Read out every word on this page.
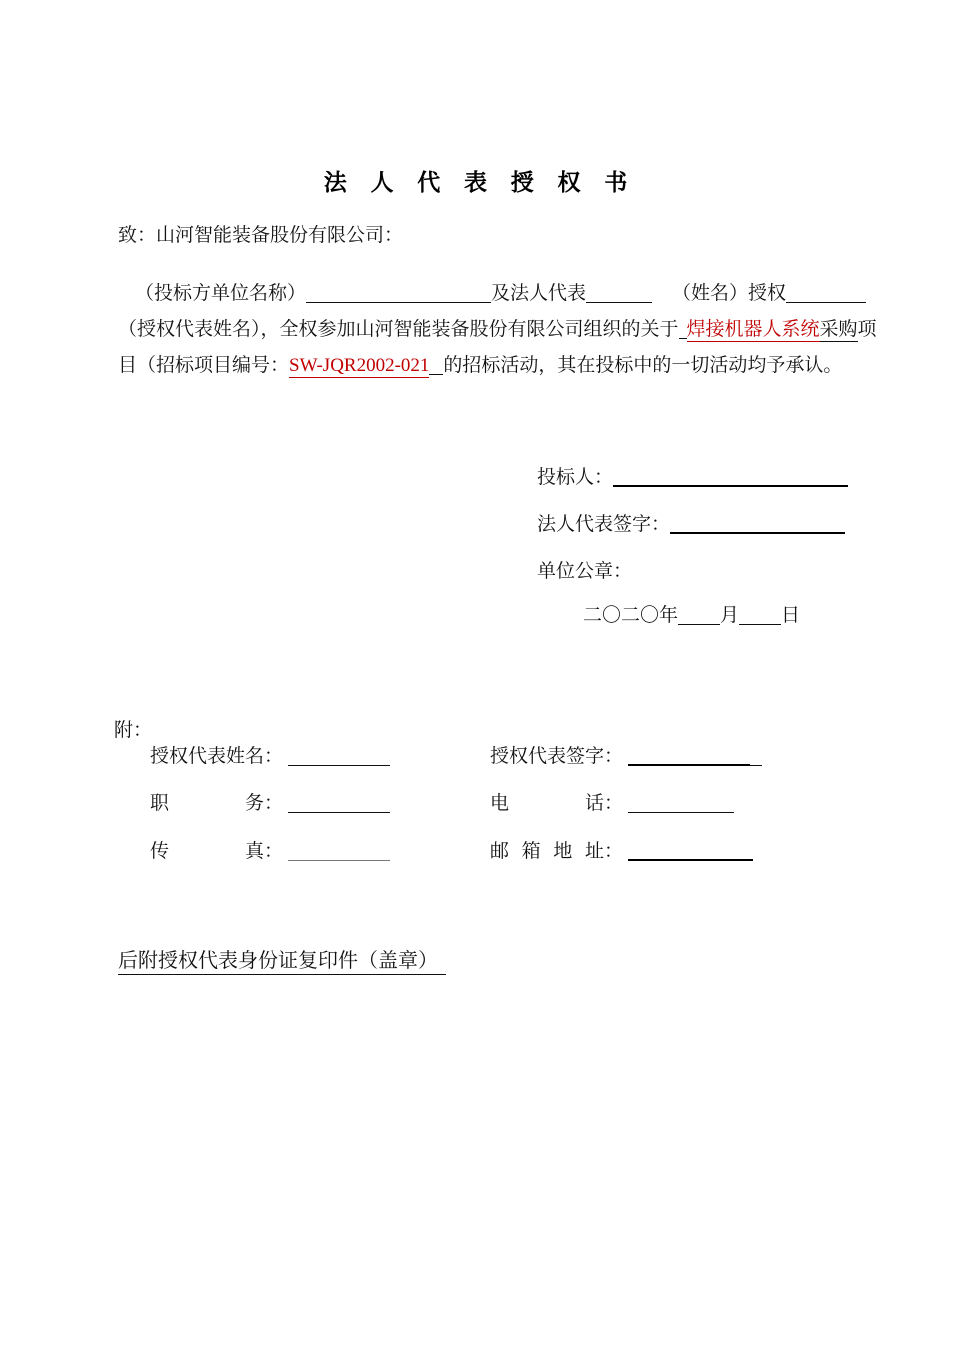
法 人 代 表 授 权 书
致：山河智能装备股份有限公司：
（投标方单位名称）	及法人代表	（姓名）授权
（授权代表姓名），全权参加山河智能装备股份有限公司组织的关于 焊接机器人系统采购项
目（招标项目编号：SW-JQR2002-021 的招标活动，其在投标中的一切活动均予承认。
投标人：
法人代表签字：
单位公章：
二〇二〇年 月 日
附：
授权代表姓名：	授权代表签字：
职务：	电话：
传真：	邮箱地址：
后附授权代表身份证复印件（盖章）
